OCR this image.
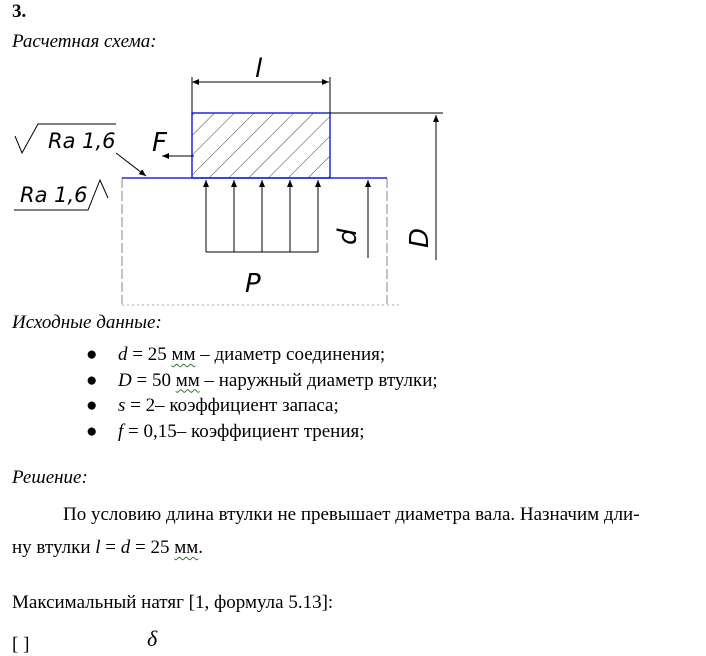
3.
Расчетная схема:
l
F
P
d D
Ra 1,6
Ra 1,6
Исходные данные:
● d = 25 мм – диаметр соединения;
● D = 50 мм – наружный диаметр втулки;
● s = 2– коэффициент запаса;
● f = 0,15– коэффициент трения;
Решение:
По условию длина втулки не превышает диаметра вала. Назначим дли-
ну втулки l = d = 25 мм.
Максимальный натяг [1, формула 5.13]:
δ
[ ]
